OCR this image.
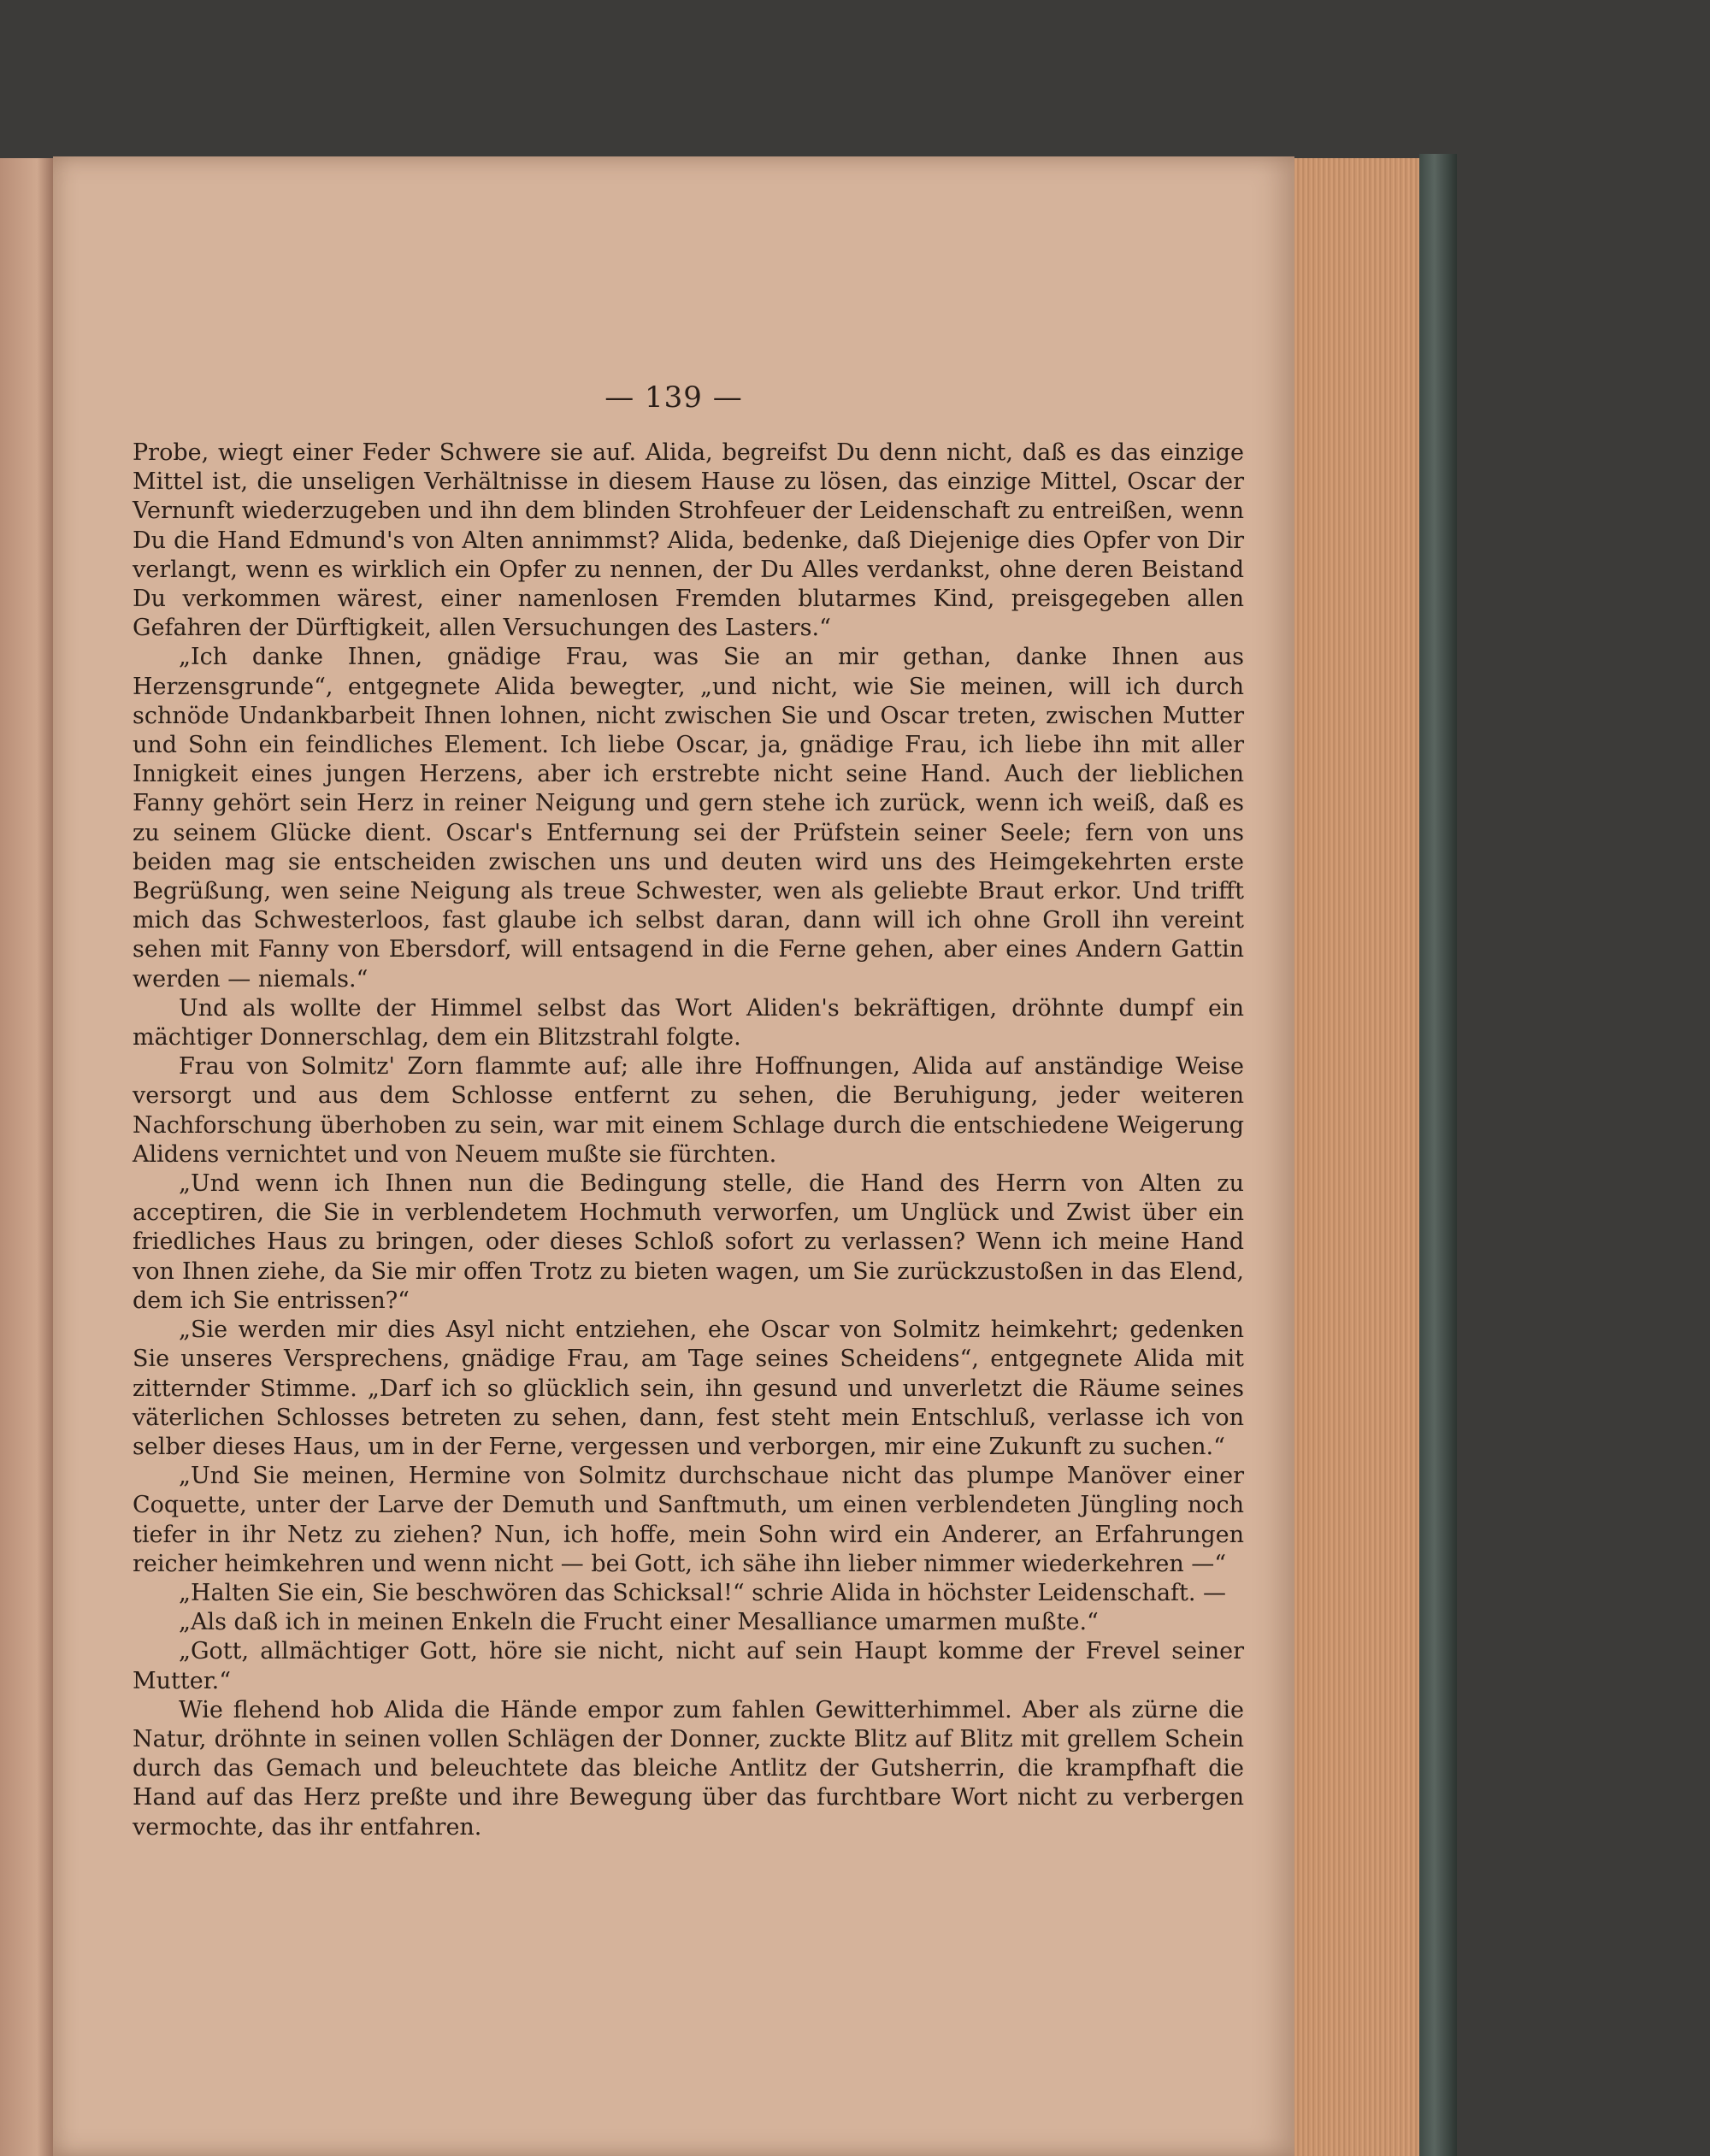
— 139 —

Probe, wiegt einer Feder Schwere sie auf. Alida, begreifst Du denn nicht, daß es das einzige Mittel ist, die unseligen Verhältnisse in diesem Hause zu lösen, das einzige Mittel, Oscar der Vernunft wiederzugeben und ihn dem blinden Strohfeuer der Leidenschaft zu entreißen, wenn Du die Hand Edmund's von Alten annimmst? Alida, bedenke, daß Diejenige dies Opfer von Dir verlangt, wenn es wirklich ein Opfer zu nennen, der Du Alles verdankst, ohne deren Beistand Du verkommen wärest, einer namenlosen Fremden blutarmes Kind, preisgegeben allen Gefahren der Dürftigkeit, allen Versuchungen des Lasters.“

„Ich danke Ihnen, gnädige Frau, was Sie an mir gethan, danke Ihnen aus Herzensgrunde“, entgegnete Alida bewegter, „und nicht, wie Sie meinen, will ich durch schnöde Undankbarbeit Ihnen lohnen, nicht zwischen Sie und Oscar treten, zwischen Mutter und Sohn ein feindliches Element. Ich liebe Oscar, ja, gnädige Frau, ich liebe ihn mit aller Innigkeit eines jungen Herzens, aber ich erstrebte nicht seine Hand. Auch der lieblichen Fanny gehört sein Herz in reiner Neigung und gern stehe ich zurück, wenn ich weiß, daß es zu seinem Glücke dient. Oscar's Entfernung sei der Prüfstein seiner Seele; fern von uns beiden mag sie entscheiden zwischen uns und deuten wird uns des Heimgekehrten erste Begrüßung, wen seine Neigung als treue Schwester, wen als geliebte Braut erkor. Und trifft mich das Schwesterloos, fast glaube ich selbst daran, dann will ich ohne Groll ihn vereint sehen mit Fanny von Ebersdorf, will entsagend in die Ferne gehen, aber eines Andern Gattin werden — niemals.“

Und als wollte der Himmel selbst das Wort Aliden's bekräftigen, dröhnte dumpf ein mächtiger Donnerschlag, dem ein Blitzstrahl folgte.

Frau von Solmitz' Zorn flammte auf; alle ihre Hoffnungen, Alida auf anständige Weise versorgt und aus dem Schlosse entfernt zu sehen, die Beruhigung, jeder weiteren Nachforschung überhoben zu sein, war mit einem Schlage durch die entschiedene Weigerung Alidens vernichtet und von Neuem mußte sie fürchten.

„Und wenn ich Ihnen nun die Bedingung stelle, die Hand des Herrn von Alten zu acceptiren, die Sie in verblendetem Hochmuth verworfen, um Unglück und Zwist über ein friedliches Haus zu bringen, oder dieses Schloß sofort zu verlassen? Wenn ich meine Hand von Ihnen ziehe, da Sie mir offen Trotz zu bieten wagen, um Sie zurückzustoßen in das Elend, dem ich Sie entrissen?“

„Sie werden mir dies Asyl nicht entziehen, ehe Oscar von Solmitz heimkehrt; gedenken Sie unseres Versprechens, gnädige Frau, am Tage seines Scheidens“, entgegnete Alida mit zitternder Stimme. „Darf ich so glücklich sein, ihn gesund und unverletzt die Räume seines väterlichen Schlosses betreten zu sehen, dann, fest steht mein Entschluß, verlasse ich von selber dieses Haus, um in der Ferne, vergessen und verborgen, mir eine Zukunft zu suchen.“

„Und Sie meinen, Hermine von Solmitz durchschaue nicht das plumpe Manöver einer Coquette, unter der Larve der Demuth und Sanftmuth, um einen verblendeten Jüngling noch tiefer in ihr Netz zu ziehen? Nun, ich hoffe, mein Sohn wird ein Anderer, an Erfahrungen reicher heimkehren und wenn nicht — bei Gott, ich sähe ihn lieber nimmer wiederkehren —“

„Halten Sie ein, Sie beschwören das Schicksal!“ schrie Alida in höchster Leidenschaft. —

„Als daß ich in meinen Enkeln die Frucht einer Mesalliance umarmen mußte.“

„Gott, allmächtiger Gott, höre sie nicht, nicht auf sein Haupt komme der Frevel seiner Mutter.“

Wie flehend hob Alida die Hände empor zum fahlen Gewitterhimmel. Aber als zürne die Natur, dröhnte in seinen vollen Schlägen der Donner, zuckte Blitz auf Blitz mit grellem Schein durch das Gemach und beleuchtete das bleiche Antlitz der Gutsherrin, die krampfhaft die Hand auf das Herz preßte und ihre Bewegung über das furchtbare Wort nicht zu verbergen vermochte, das ihr entfahren.
